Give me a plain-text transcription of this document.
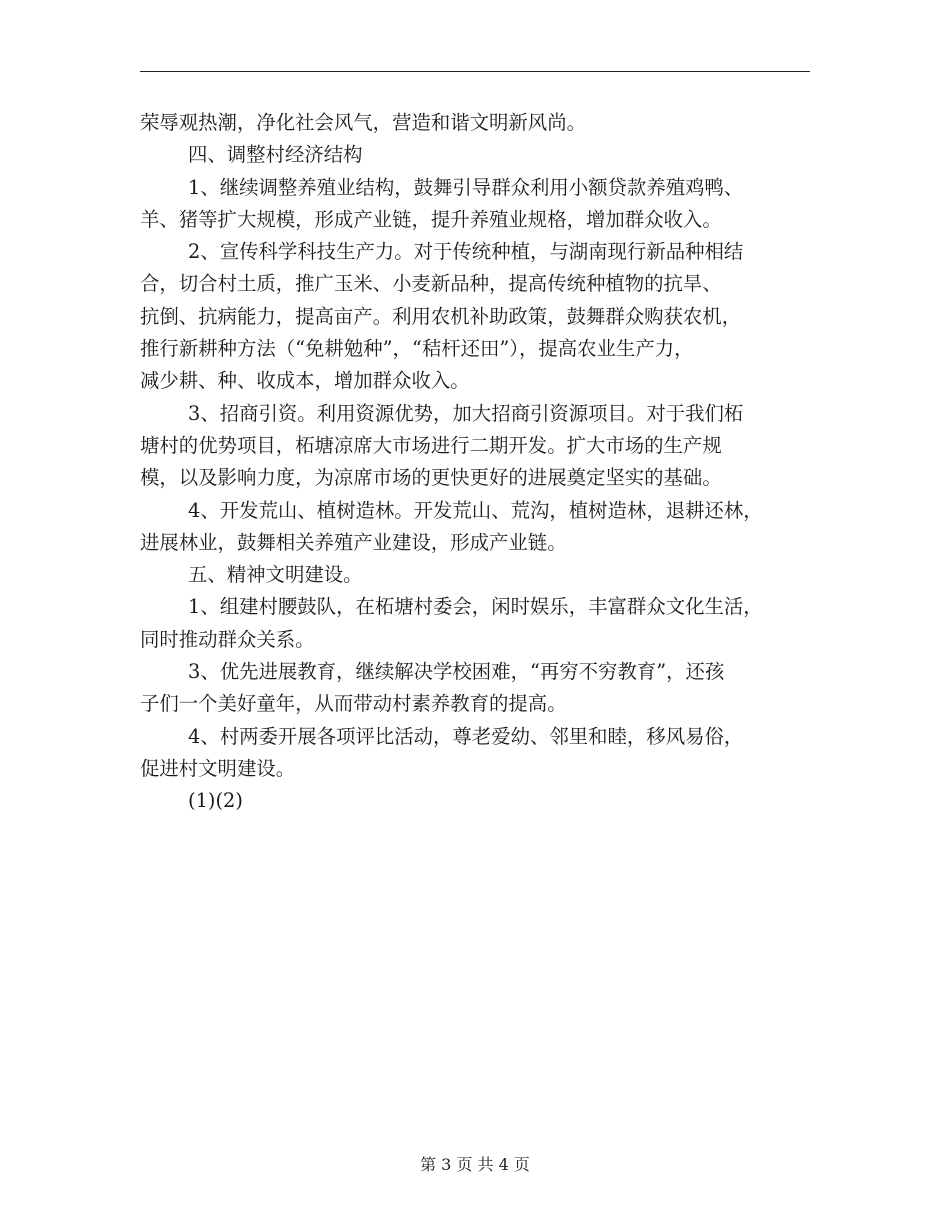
荣辱观热潮，净化社会风气，营造和谐文明新风尚。
四、调整村经济结构
1、继续调整养殖业结构，鼓舞引导群众利用小额贷款养殖鸡鸭、
羊、猪等扩大规模，形成产业链，提升养殖业规格，增加群众收入。
2、宣传科学科技生产力。对于传统种植，与湖南现行新品种相结
合，切合村土质，推广玉米、小麦新品种，提高传统种植物的抗旱、
抗倒、抗病能力，提高亩产。利用农机补助政策，鼓舞群众购获农机，
推行新耕种方法（“免耕勉种”，“秸杆还田”），提高农业生产力，
减少耕、种、收成本，增加群众收入。
3、招商引资。利用资源优势，加大招商引资源项目。对于我们柘
塘村的优势项目，柘塘凉席大市场进行二期开发。扩大市场的生产规
模，以及影响力度，为凉席市场的更快更好的进展奠定坚实的基础。
4、开发荒山、植树造林。开发荒山、荒沟，植树造林，退耕还林，
进展林业，鼓舞相关养殖产业建设，形成产业链。
五、精神文明建设。
1、组建村腰鼓队，在柘塘村委会，闲时娱乐，丰富群众文化生活，
同时推动群众关系。
3、优先进展教育，继续解决学校困难，“再穷不穷教育”，还孩
子们一个美好童年，从而带动村素养教育的提高。
4、村两委开展各项评比活动，尊老爱幼、邻里和睦，移风易俗，
促进村文明建设。
(1)(2)
第 3 页 共 4 页
